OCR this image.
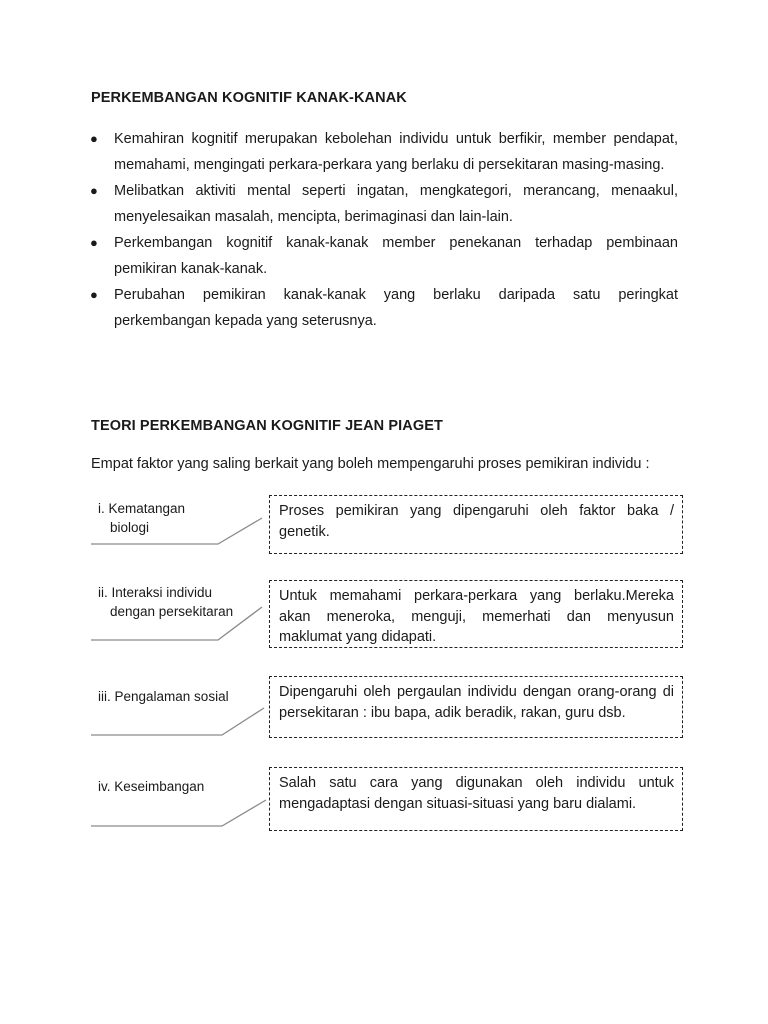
PERKEMBANGAN KOGNITIF KANAK-KANAK
● Kemahiran kognitif merupakan kebolehan individu untuk berfikir, member pendapat, memahami, mengingati perkara-perkara yang berlaku di persekitaran masing-masing.
● Melibatkan aktiviti mental seperti ingatan, mengkategori, merancang, menaakul, menyelesaikan masalah, mencipta, berimaginasi dan lain-lain.
● Perkembangan kognitif kanak-kanak member penekanan terhadap pembinaan pemikiran kanak-kanak.
● Perubahan pemikiran kanak-kanak yang berlaku daripada satu peringkat perkembangan kepada yang seterusnya.
TEORI PERKEMBANGAN KOGNITIF JEAN PIAGET

Empat faktor yang saling berkait yang boleh mempengaruhi proses pemikiran individu :

i. Kematangan
biologi

ii. Interaksi individu
dengan persekitaran

iii. Pengalaman sosial

iv. Keseimbangan

Proses pemikiran yang dipengaruhi oleh faktor baka / genetik.
Untuk memahami perkara-perkara yang berlaku.Mereka akan meneroka, menguji, memerhati dan menyusun maklumat yang didapati.
Dipengaruhi oleh pergaulan individu dengan orang-orang di persekitaran : ibu bapa, adik beradik, rakan, guru dsb.
Salah satu cara yang digunakan oleh individu untuk mengadaptasi dengan situasi-situasi yang baru dialami.
